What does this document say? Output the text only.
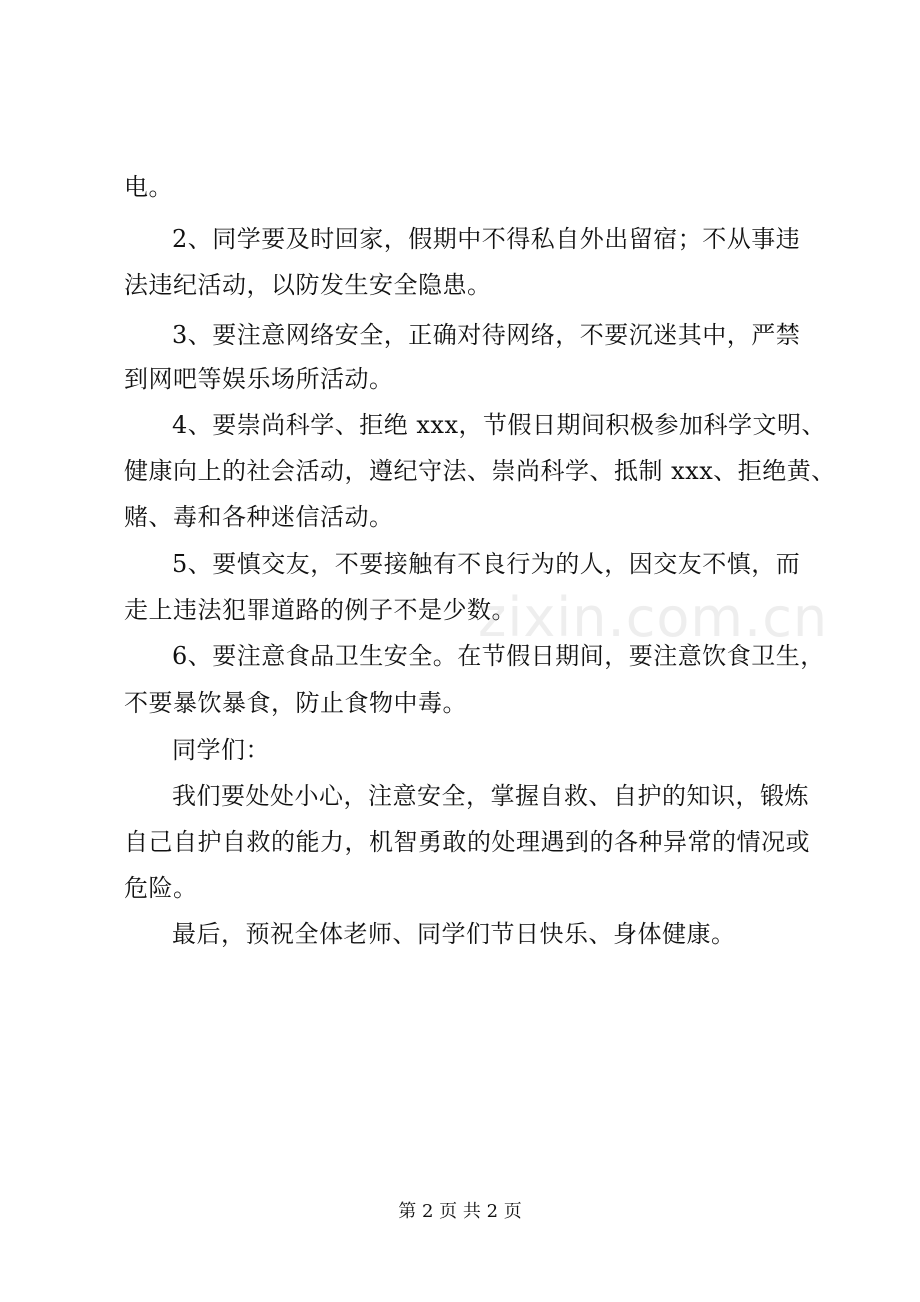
电。
2、同学要及时回家，假期中不得私自外出留宿；不从事违
法违纪活动，以防发生安全隐患。
3、要注意网络安全，正确对待网络，不要沉迷其中，严禁
到网吧等娱乐场所活动。
4、要崇尚科学、拒绝 xxx，节假日期间积极参加科学文明、
健康向上的社会活动，遵纪守法、崇尚科学、抵制 xxx、拒绝黄、
赌、毒和各种迷信活动。
5、要慎交友，不要接触有不良行为的人，因交友不慎，而
走上违法犯罪道路的例子不是少数。
6、要注意食品卫生安全。在节假日期间，要注意饮食卫生，
不要暴饮暴食，防止食物中毒。
同学们：
我们要处处小心，注意安全，掌握自救、自护的知识，锻炼
自己自护自救的能力，机智勇敢的处理遇到的各种异常的情况或
危险。
最后，预祝全体老师、同学们节日快乐、身体健康。
zixin.com.cn
第 2 页 共 2 页
